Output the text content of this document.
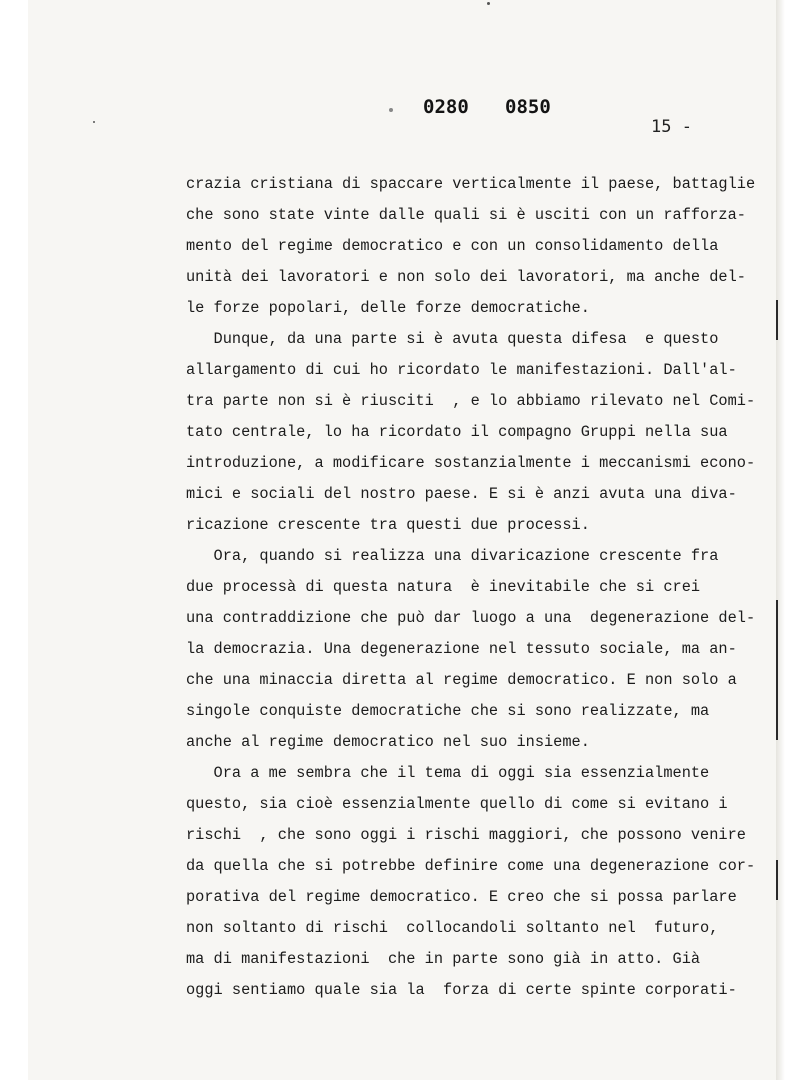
0280 0850
15 -
crazia cristiana di spaccare verticalmente il paese, battaglie
che sono state vinte dalle quali si è usciti con un rafforza-
mento del regime democratico e con un consolidamento della
unità dei lavoratori e non solo dei lavoratori, ma anche del-
le forze popolari, delle forze democratiche.
Dunque, da una parte si è avuta questa difesa  e questo
allargamento di cui ho ricordato le manifestazioni. Dall'al-
tra parte non si è riusciti  , e lo abbiamo rilevato nel Comi-
tato centrale, lo ha ricordato il compagno Gruppi nella sua
introduzione, a modificare sostanzialmente i meccanismi econo-
mici e sociali del nostro paese. E si è anzi avuta una diva-
ricazione crescente tra questi due processi.
Ora, quando si realizza una divaricazione crescente fra
due processà di questa natura  è inevitabile che si crei
una contraddizione che può dar luogo a una  degenerazione del-
la democrazia. Una degenerazione nel tessuto sociale, ma an-
che una minaccia diretta al regime democratico. E non solo a
singole conquiste democratiche che si sono realizzate, ma
anche al regime democratico nel suo insieme.
Ora a me sembra che il tema di oggi sia essenzialmente
questo, sia cioè essenzialmente quello di come si evitano i
rischi  , che sono oggi i rischi maggiori, che possono venire
da quella che si potrebbe definire come una degenerazione cor-
porativa del regime democratico. E creo che si possa parlare
non soltanto di rischi  collocandoli soltanto nel  futuro,
ma di manifestazioni  che in parte sono già in atto. Già
oggi sentiamo quale sia la  forza di certe spinte corporati-
